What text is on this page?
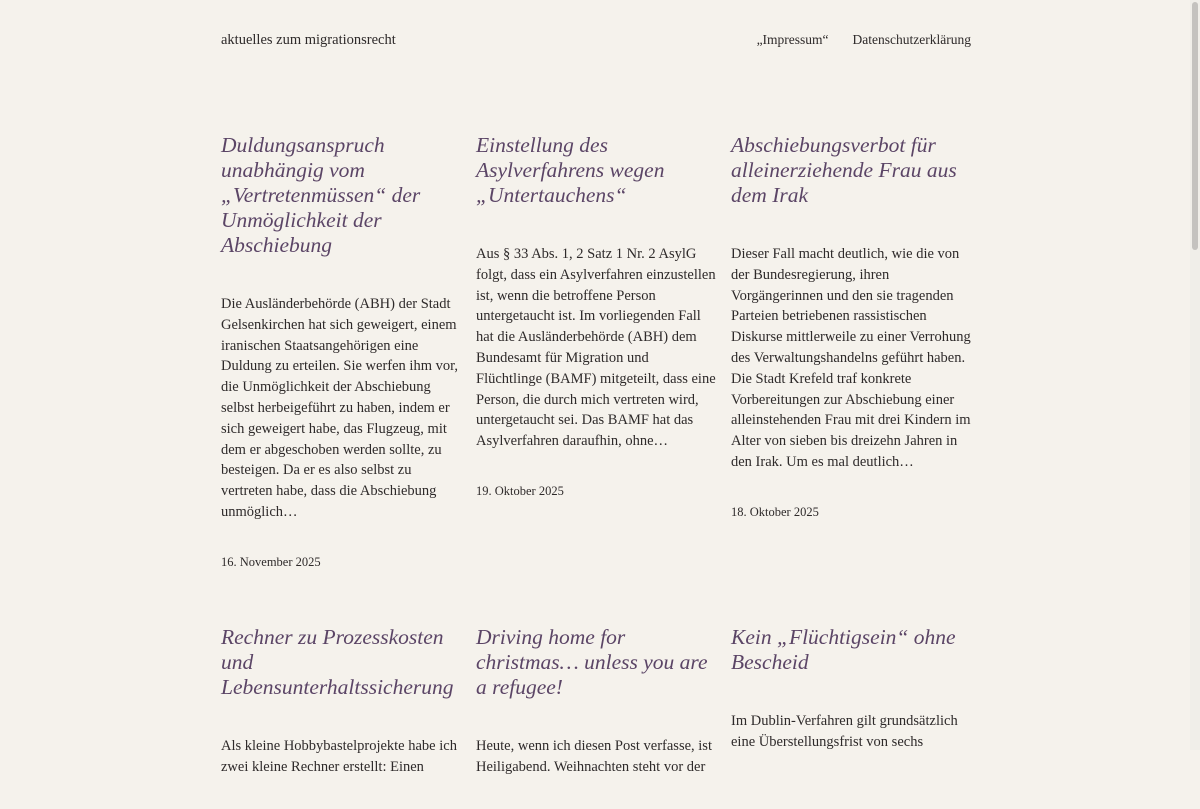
aktuelles zum migrationsrecht	„Impressum“ Datenschutzerklärung
Duldungsanspruch unabhängig vom „Vertretenmüssen“ der Unmöglichkeit der Abschiebung

Die Ausländerbehörde (ABH) der Stadt Gelsenkirchen hat sich geweigert, einem iranischen Staatsangehörigen eine Duldung zu erteilen. Sie werfen ihm vor, die Unmöglichkeit der Abschiebung selbst herbeigeführt zu haben, indem er sich geweigert habe, das Flugzeug, mit dem er abgeschoben werden sollte, zu besteigen. Da er es also selbst zu vertreten habe, dass die Abschiebung unmöglich…

16. November 2025
Einstellung des Asylverfahrens wegen „Untertauchens“

Aus § 33 Abs. 1, 2 Satz 1 Nr. 2 AsylG folgt, dass ein Asylverfahren einzustellen ist, wenn die betroffene Person untergetaucht ist. Im vorliegenden Fall hat die Ausländerbehörde (ABH) dem Bundesamt für Migration und Flüchtlinge (BAMF) mitgeteilt, dass eine Person, die durch mich vertreten wird, untergetaucht sei. Das BAMF hat das Asylverfahren daraufhin, ohne…

19. Oktober 2025
Abschiebungsverbot für alleinerziehende Frau aus dem Irak

Dieser Fall macht deutlich, wie die von der Bundesregierung, ihren Vorgängerinnen und den sie tragenden Parteien betriebenen rassistischen Diskurse mittlerweile zu einer Verrohung des Verwaltungshandelns geführt haben. Die Stadt Krefeld traf konkrete Vorbereitungen zur Abschiebung einer alleinstehenden Frau mit drei Kindern im Alter von sieben bis dreizehn Jahren in den Irak. Um es mal deutlich…

18. Oktober 2025
Rechner zu Prozesskosten und Lebensunterhaltssicherung

Als kleine Hobbybastelprojekte habe ich zwei kleine Rechner erstellt: Einen

Driving home for christmas… unless you are a refugee!

Heute, wenn ich diesen Post verfasse, ist Heiligabend. Weihnachten steht vor der

Kein „Flüchtigsein“ ohne Bescheid

Im Dublin-Verfahren gilt grundsätzlich eine Überstellungsfrist von sechs
